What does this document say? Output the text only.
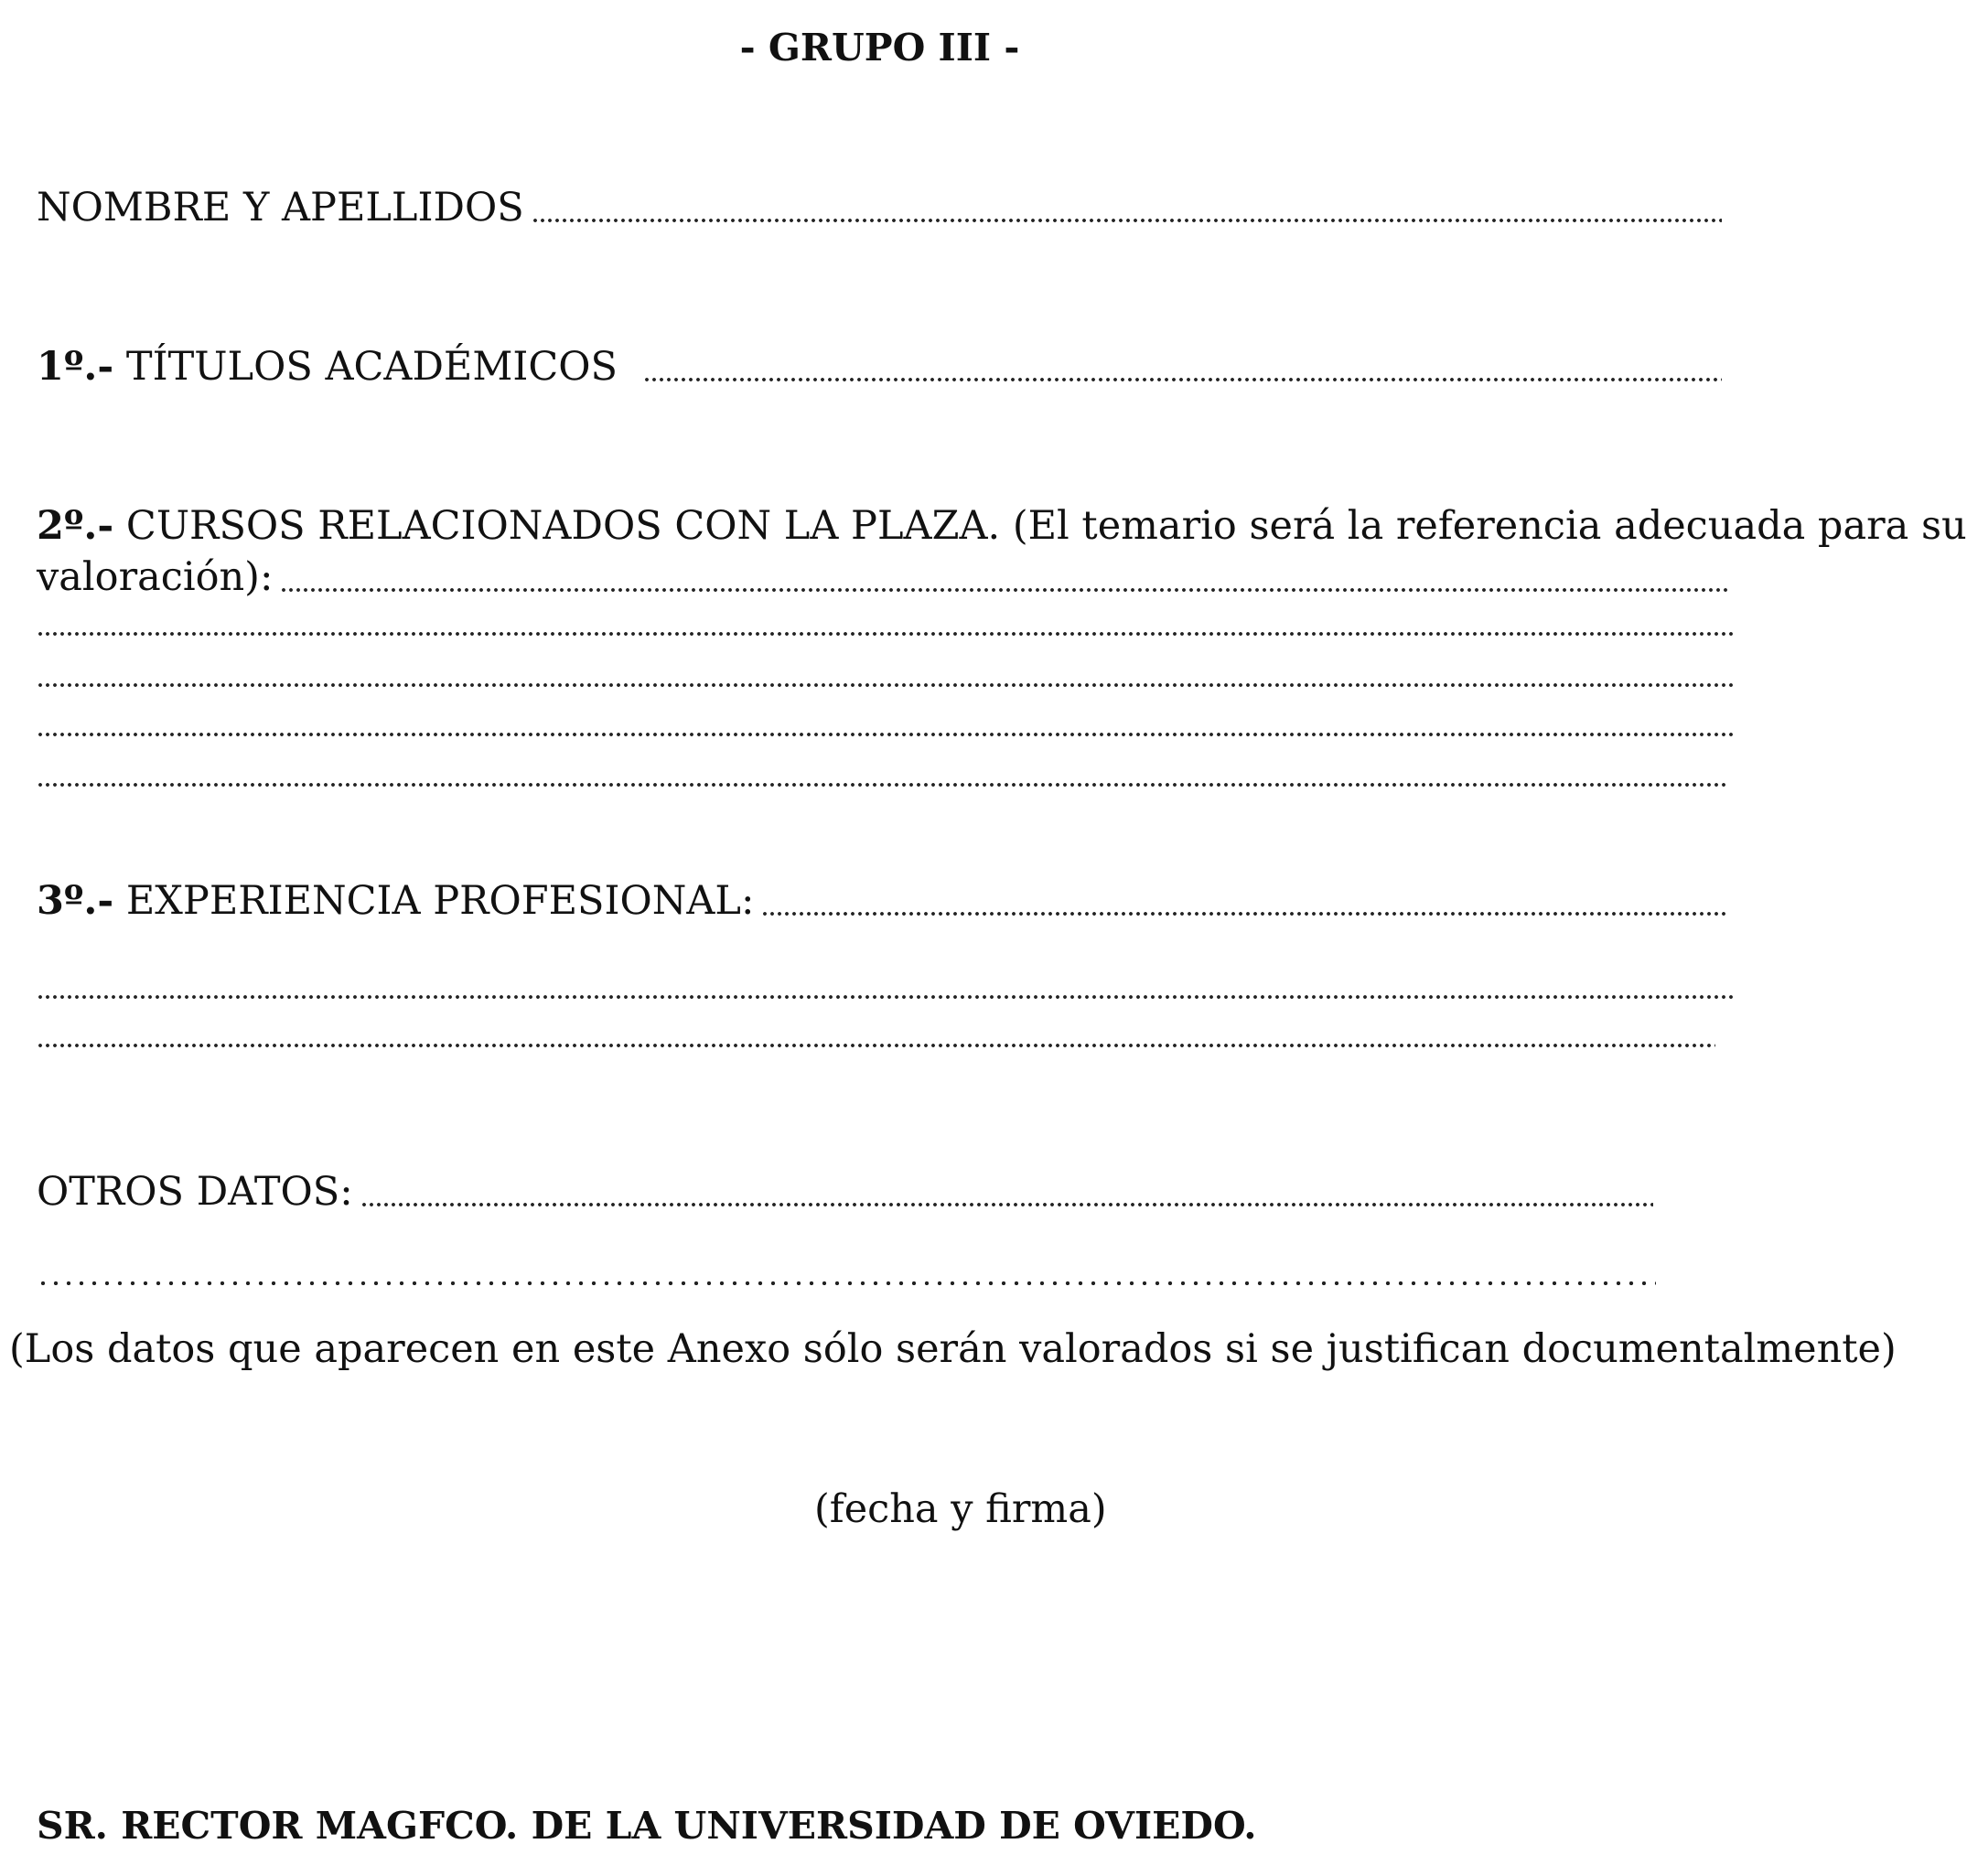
- GRUPO III -
NOMBRE Y APELLIDOS
1º.- TÍTULOS ACADÉMICOS
2º.- CURSOS RELACIONADOS CON LA PLAZA. (El temario será la referencia adecuada para su
valoración):
3º.- EXPERIENCIA PROFESIONAL:
OTROS DATOS:
(Los datos que aparecen en este Anexo sólo serán valorados si se justifican documentalmente)
(fecha y firma)
SR. RECTOR MAGFCO. DE LA UNIVERSIDAD DE OVIEDO.
